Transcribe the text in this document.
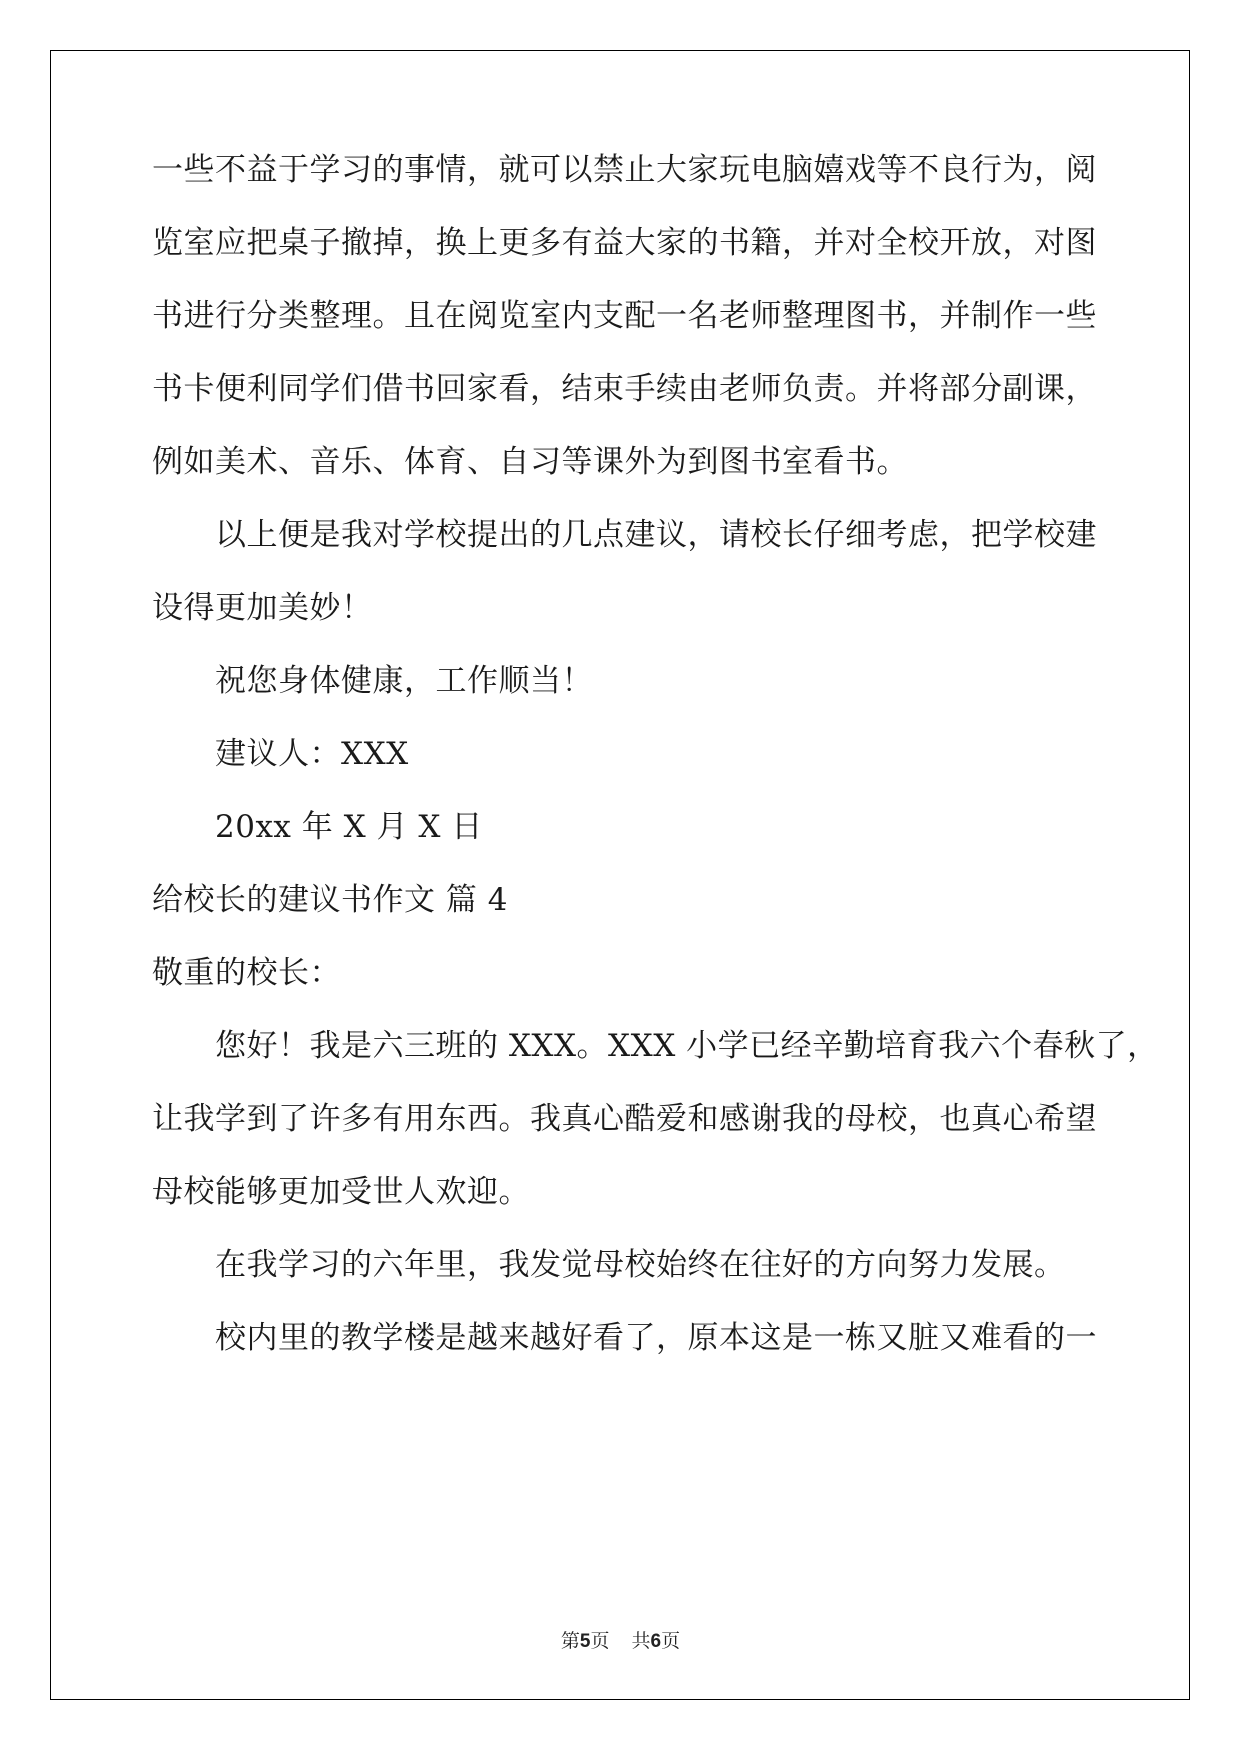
一些不益于学习的事情，就可以禁止大家玩电脑嬉戏等不良行为，阅
览室应把桌子撤掉，换上更多有益大家的书籍，并对全校开放，对图
书进行分类整理。且在阅览室内支配一名老师整理图书，并制作一些
书卡便利同学们借书回家看，结束手续由老师负责。并将部分副课，
例如美术、音乐、体育、自习等课外为到图书室看书。
以上便是我对学校提出的几点建议，请校长仔细考虑，把学校建
设得更加美妙！
祝您身体健康，工作顺当！
建议人：XXX
20xx 年 X 月 X 日
给校长的建议书作文 篇 4
敬重的校长：
您好！我是六三班的 XXX。XXX 小学已经辛勤培育我六个春秋了，
让我学到了许多有用东西。我真心酷爱和感谢我的母校，也真心希望
母校能够更加受世人欢迎。
在我学习的六年里，我发觉母校始终在往好的方向努力发展。
校内里的教学楼是越来越好看了，原本这是一栋又脏又难看的一
第5页 共6页
